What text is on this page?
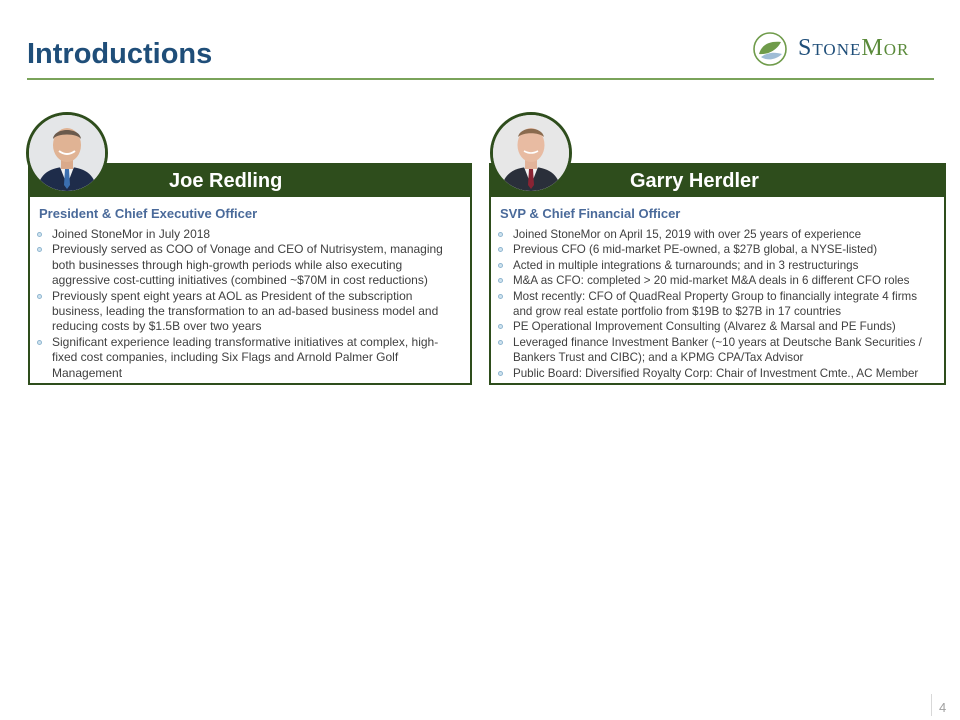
Introductions	STONEMOR
Joe Redling
President & Chief Executive Officer
Joined StoneMor in July 2018
Previously served as COO of Vonage and CEO of Nutrisystem, managing both businesses through high-growth periods while also executing aggressive cost-cutting initiatives (combined ~$70M in cost reductions)
Previously spent eight years at AOL as President of the subscription business, leading the transformation to an ad-based business model and reducing costs by $1.5B over two years
Significant experience leading transformative initiatives at complex, high-fixed cost companies, including Six Flags and Arnold Palmer Golf Management
Garry Herdler
SVP & Chief Financial Officer
Joined StoneMor on April 15, 2019 with over 25 years of experience
Previous CFO (6 mid-market PE-owned, a $27B global, a NYSE-listed)
Acted in multiple integrations & turnarounds; and in 3 restructurings
M&A as CFO: completed > 20 mid-market M&A deals in 6 different CFO roles
Most recently: CFO of QuadReal Property Group to financially integrate 4 firms and grow real estate portfolio from $19B to $27B in 17 countries
PE Operational Improvement Consulting (Alvarez & Marsal and PE Funds)
Leveraged finance Investment Banker (~10 years at Deutsche Bank Securities / Bankers Trust and CIBC); and a KPMG CPA/Tax Advisor
Public Board: Diversified Royalty Corp: Chair of Investment Cmte., AC Member
4
